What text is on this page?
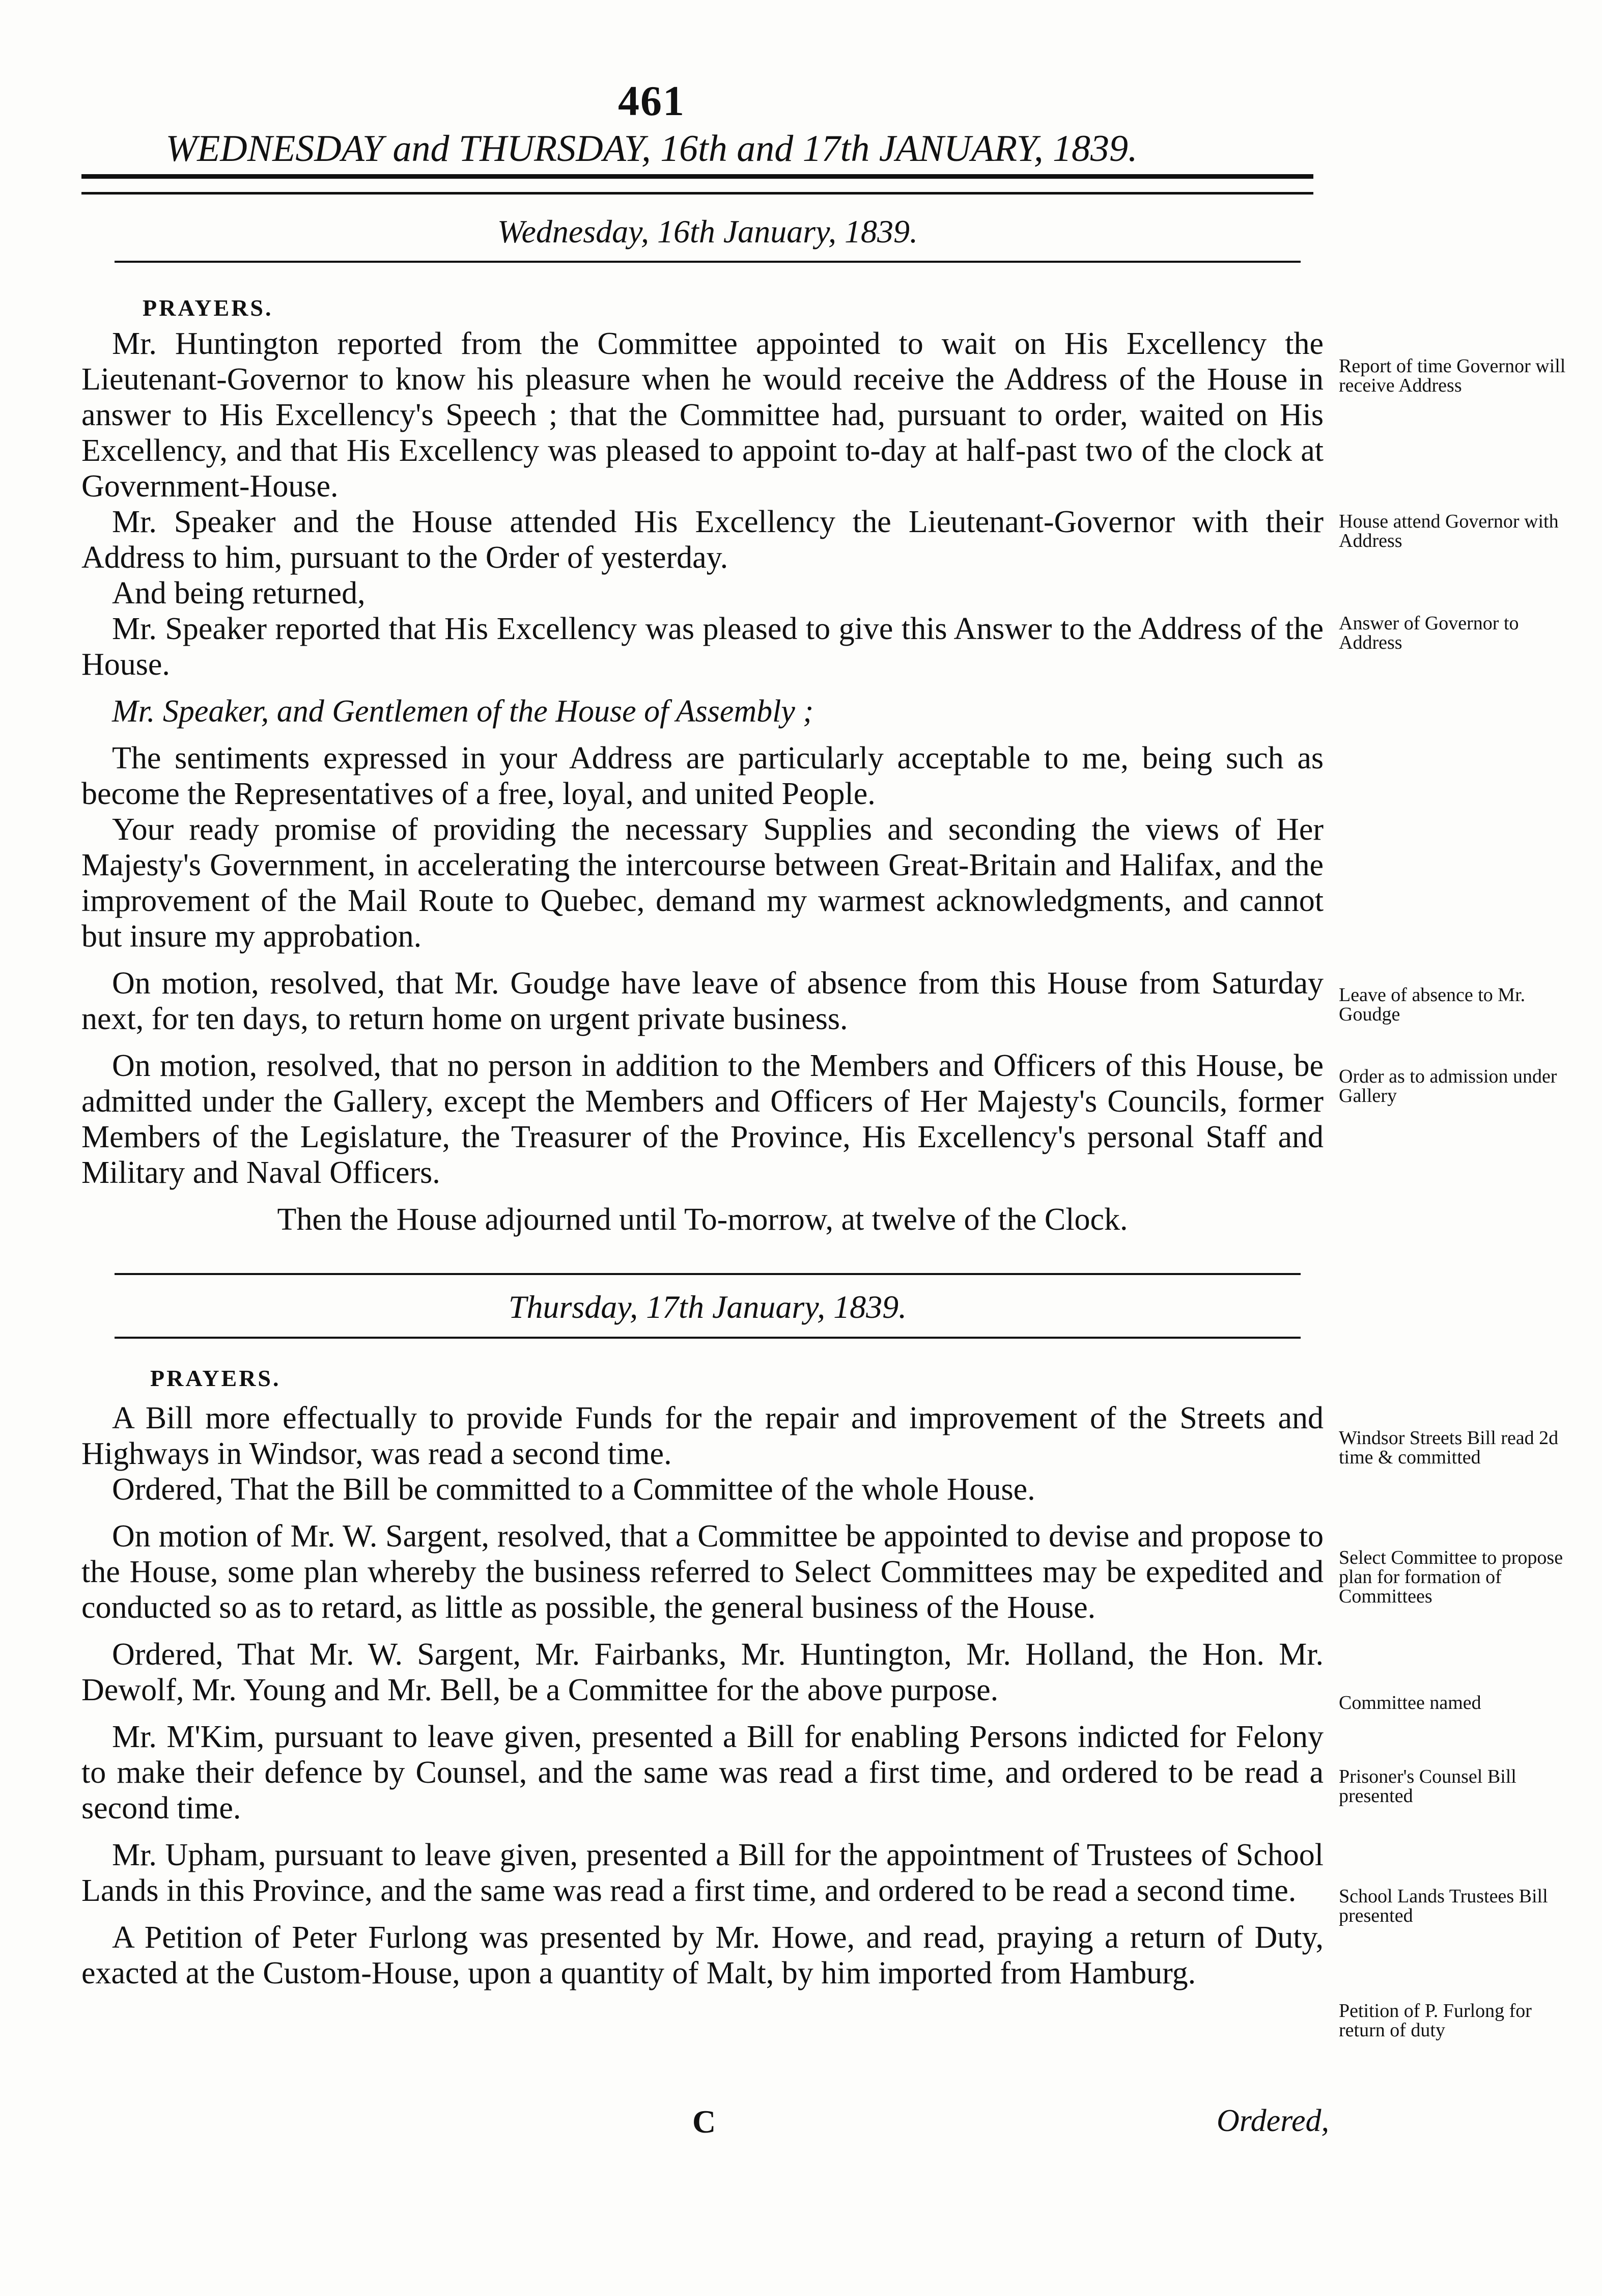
461
WEDNESDAY and THURSDAY, 16th and 17th JANUARY, 1839.
Wednesday, 16th January, 1839.
PRAYERS.

Mr. Huntington reported from the Committee appointed to wait on His Excellency the Lieutenant-Governor to know his pleasure when he would receive the Address of the House in answer to His Excellency's Speech ; that the Committee had, pursuant to order, waited on His Excellency, and that His Excellency was pleased to appoint to-day at half-past two of the clock at Government-House.

Mr. Speaker and the House attended His Excellency the Lieutenant-Governor with their Address to him, pursuant to the Order of yesterday.

And being returned,

Mr. Speaker reported that His Excellency was pleased to give this Answer to the Address of the House.

Mr. Speaker, and Gentlemen of the House of Assembly ;

The sentiments expressed in your Address are particularly acceptable to me, being such as become the Representatives of a free, loyal, and united People.

Your ready promise of providing the necessary Supplies and seconding the views of Her Majesty's Government, in accelerating the intercourse between Great-Britain and Halifax, and the improvement of the Mail Route to Quebec, demand my warmest acknowledgments, and cannot but insure my approbation.

On motion, resolved, that Mr. Goudge have leave of absence from this House from Saturday next, for ten days, to return home on urgent private business.

On motion, resolved, that no person in addition to the Members and Officers of this House, be admitted under the Gallery, except the Members and Officers of Her Majesty's Councils, former Members of the Legislature, the Treasurer of the Province, His Excellency's personal Staff and Military and Naval Officers.

Then the House adjourned until To-morrow, at twelve of the Clock.

Report of time Governor will receive Address
House attend Governor with Address
Answer of Governor to Address
Leave of absence to Mr. Goudge
Order as to admission under Gallery
Thursday, 17th January, 1839.
PRAYERS.

A Bill more effectually to provide Funds for the repair and improvement of the Streets and Highways in Windsor, was read a second time.

Ordered, That the Bill be committed to a Committee of the whole House.

On motion of Mr. W. Sargent, resolved, that a Committee be appointed to devise and propose to the House, some plan whereby the business referred to Select Committees may be expedited and conducted so as to retard, as little as possible, the general business of the House.

Ordered, That Mr. W. Sargent, Mr. Fairbanks, Mr. Huntington, Mr. Holland, the Hon. Mr. Dewolf, Mr. Young and Mr. Bell, be a Committee for the above purpose.

Mr. M'Kim, pursuant to leave given, presented a Bill for enabling Persons indicted for Felony to make their defence by Counsel, and the same was read a first time, and ordered to be read a second time.

Mr. Upham, pursuant to leave given, presented a Bill for the appointment of Trustees of School Lands in this Province, and the same was read a first time, and ordered to be read a second time.

A Petition of Peter Furlong was presented by Mr. Howe, and read, praying a return of Duty, exacted at the Custom-House, upon a quantity of Malt, by him imported from Hamburg.

Windsor Streets Bill read 2d time & committed
Select Committee to propose plan for formation of Committees
Committee named
Prisoner's Counsel Bill presented
School Lands Trustees Bill presented
Petition of P. Furlong for return of duty
C	Ordered,
